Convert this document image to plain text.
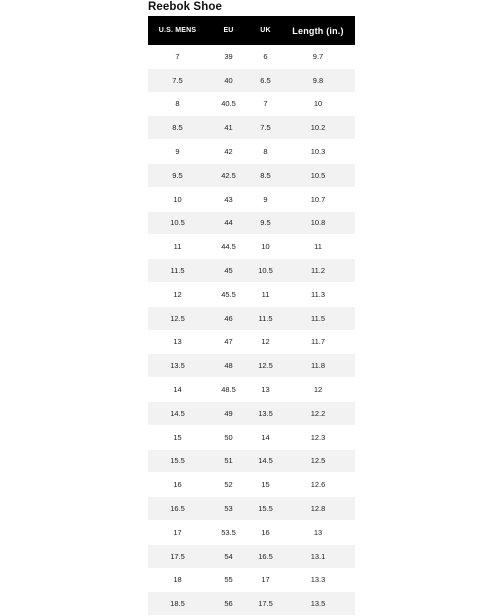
Reebok Shoe
U.S. MENS	EU	UK	Length (in.)
7	39	6	9.7
7.5	40	6.5	9.8
8	40.5	7	10
8.5	41	7.5	10.2
9	42	8	10.3
9.5	42.5	8.5	10.5
10	43	9	10.7
10.5	44	9.5	10.8
11	44.5	10	11
11.5	45	10.5	11.2
12	45.5	11	11.3
12.5	46	11.5	11.5
13	47	12	11.7
13.5	48	12.5	11.8
14	48.5	13	12
14.5	49	13.5	12.2
15	50	14	12.3
15.5	51	14.5	12.5
16	52	15	12.6
16.5	53	15.5	12.8
17	53.5	16	13
17.5	54	16.5	13.1
18	55	17	13.3
18.5	56	17.5	13.5
